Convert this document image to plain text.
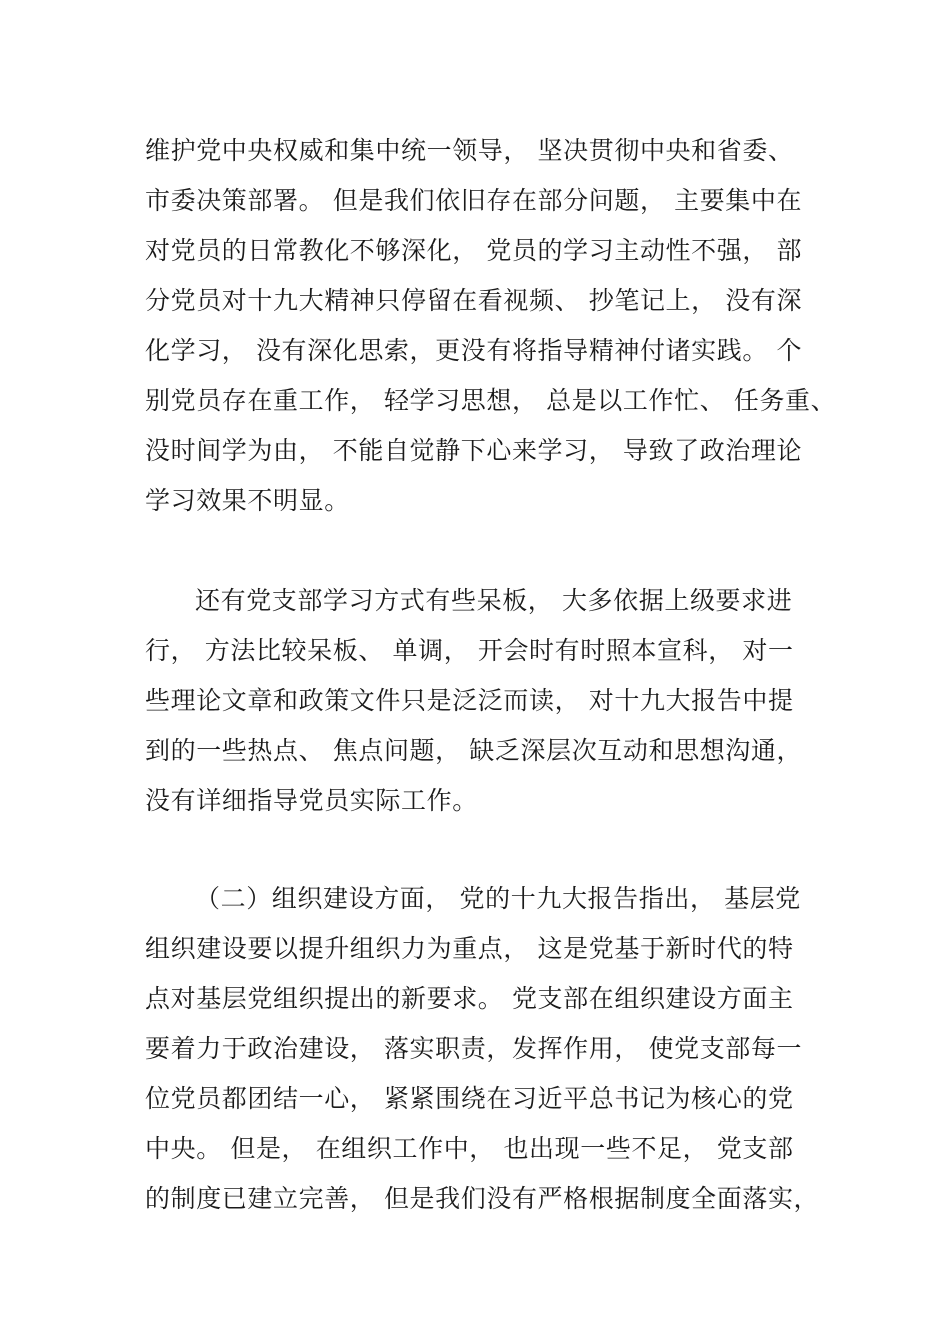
维护党中央权威和集中统一领导， 坚决贯彻中央和省委、
市委决策部署。 但是我们依旧存在部分问题， 主要集中在
对党员的日常教化不够深化， 党员的学习主动性不强， 部
分党员对十九大精神只停留在看视频、 抄笔记上， 没有深
化学习， 没有深化思索，更没有将指导精神付诸实践。 个
别党员存在重工作， 轻学习思想， 总是以工作忙、 任务重、
没时间学为由， 不能自觉静下心来学习， 导致了政治理论
学习效果不明显。
还有党支部学习方式有些呆板， 大多依据上级要求进
行， 方法比较呆板、 单调， 开会时有时照本宣科， 对一
些理论文章和政策文件只是泛泛而读， 对十九大报告中提
到的一些热点、 焦点问题， 缺乏深层次互动和思想沟通，
没有详细指导党员实际工作。
（二）组织建设方面， 党的十九大报告指出， 基层党
组织建设要以提升组织力为重点， 这是党基于新时代的特
点对基层党组织提出的新要求。 党支部在组织建设方面主
要着力于政治建设， 落实职责，发挥作用， 使党支部每一
位党员都团结一心， 紧紧围绕在习近平总书记为核心的党
中央。 但是， 在组织工作中， 也出现一些不足， 党支部
的制度已建立完善， 但是我们没有严格根据制度全面落实，
